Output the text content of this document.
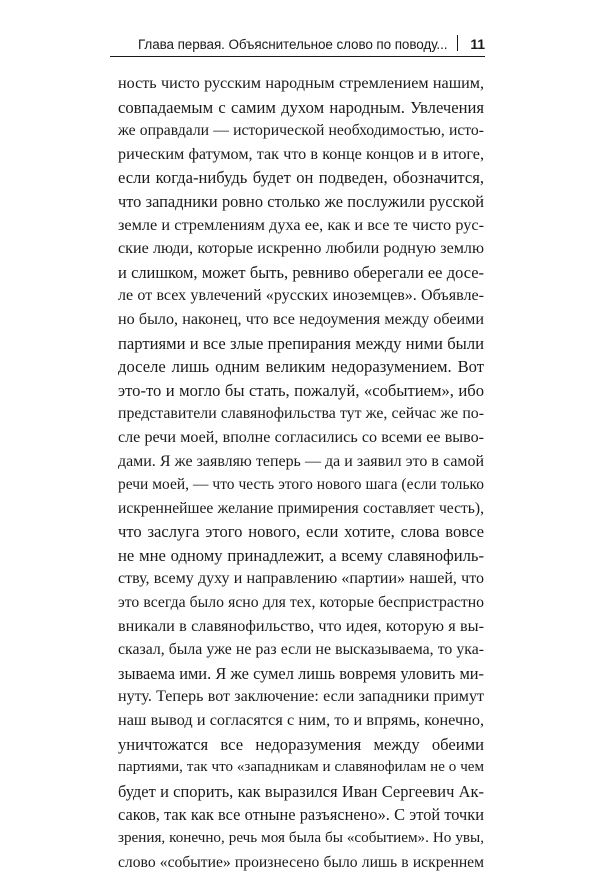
Глава первая. Объяснительное слово по поводу... 11
ность чисто русским народным стремлением нашим,
совпадаемым с самим духом народным. Увлечения
же оправдали — исторической необходимостью, исто-
рическим фатумом, так что в конце концов и в итоге,
если когда-нибудь будет он подведен, обозначится,
что западники ровно столько же послужили русской
земле и стремлениям духа ее, как и все те чисто рус-
ские люди, которые искренно любили родную землю
и слишком, может быть, ревниво оберегали ее досе-
ле от всех увлечений «русских иноземцев». Объявле-
но было, наконец, что все недоумения между обеими
партиями и все злые препирания между ними были
доселе лишь одним великим недоразумением. Вот
это-то и могло бы стать, пожалуй, «событием», ибо
представители славянофильства тут же, сейчас же по-
сле речи моей, вполне согласились со всеми ее выво-
дами. Я же заявляю теперь — да и заявил это в самой
речи моей, — что честь этого нового шага (если только
искреннейшее желание примирения составляет честь),
что заслуга этого нового, если хотите, слова вовсе
не мне одному принадлежит, а всему славянофиль-
ству, всему духу и направлению «партии» нашей, что
это всегда было ясно для тех, которые беспристрастно
вникали в славянофильство, что идея, которую я вы-
сказал, была уже не раз если не высказываема, то ука-
зываема ими. Я же сумел лишь вовремя уловить ми-
нуту. Теперь вот заключение: если западники примут
наш вывод и согласятся с ним, то и впрямь, конечно,
уничтожатся все недоразумения между обеими
партиями, так что «западникам и славянофилам не о чем
будет и спорить, как выразился Иван Сергеевич Ак-
саков, так как все отныне разъяснено». С этой точки
зрения, конечно, речь моя была бы «событием». Но увы,
слово «событие» произнесено было лишь в искреннем
